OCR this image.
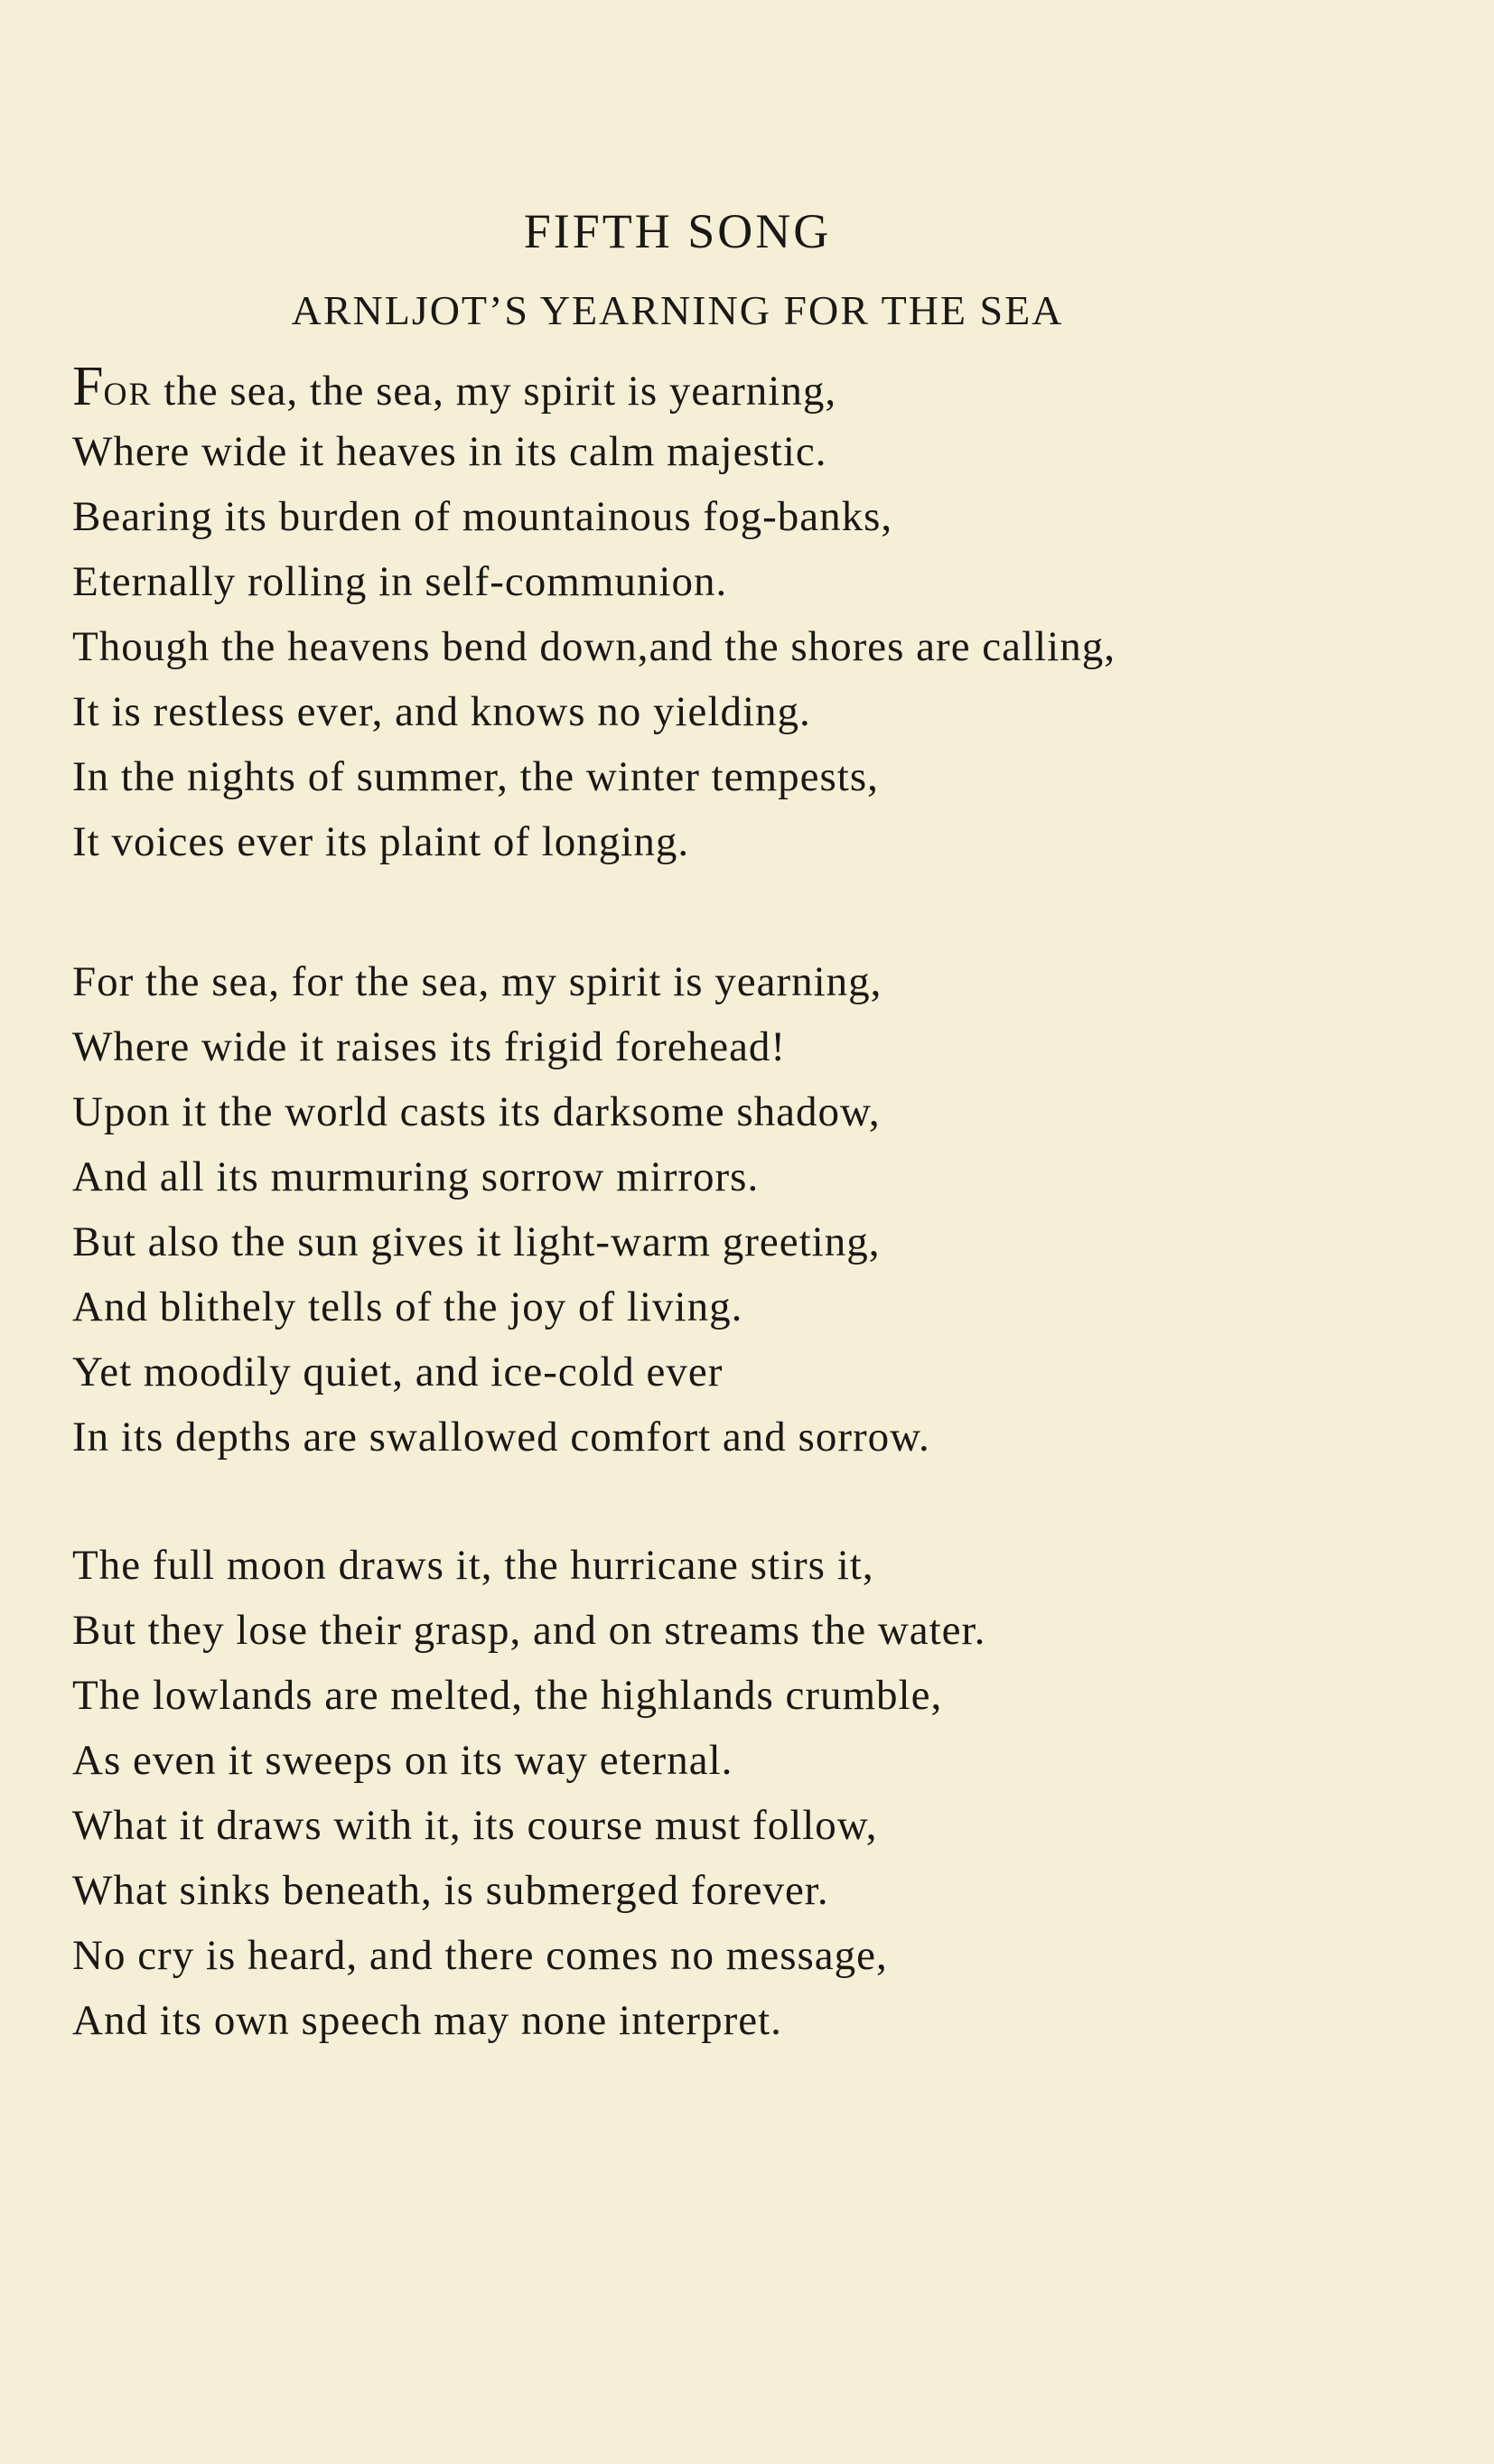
FIFTH SONG
ARNLJOT’S YEARNING FOR THE SEA
FOR the sea, the sea, my spirit is yearning,
Where wide it heaves in its calm majestic.
Bearing its burden of mountainous fog-banks,
Eternally rolling in self-communion.
Though the heavens bend down,and the shores are calling,
It is restless ever, and knows no yielding.
In the nights of summer, the winter tempests,
It voices ever its plaint of longing.
For the sea, for the sea, my spirit is yearning,
Where wide it raises its frigid forehead!
Upon it the world casts its darksome shadow,
And all its murmuring sorrow mirrors.
But also the sun gives it light-warm greeting,
And blithely tells of the joy of living.
Yet moodily quiet, and ice-cold ever
In its depths are swallowed comfort and sorrow.
The full moon draws it, the hurricane stirs it,
But they lose their grasp, and on streams the water.
The lowlands are melted, the highlands crumble,
As even it sweeps on its way eternal.
What it draws with it, its course must follow,
What sinks beneath, is submerged forever.
No cry is heard, and there comes no message,
And its own speech may none interpret.
